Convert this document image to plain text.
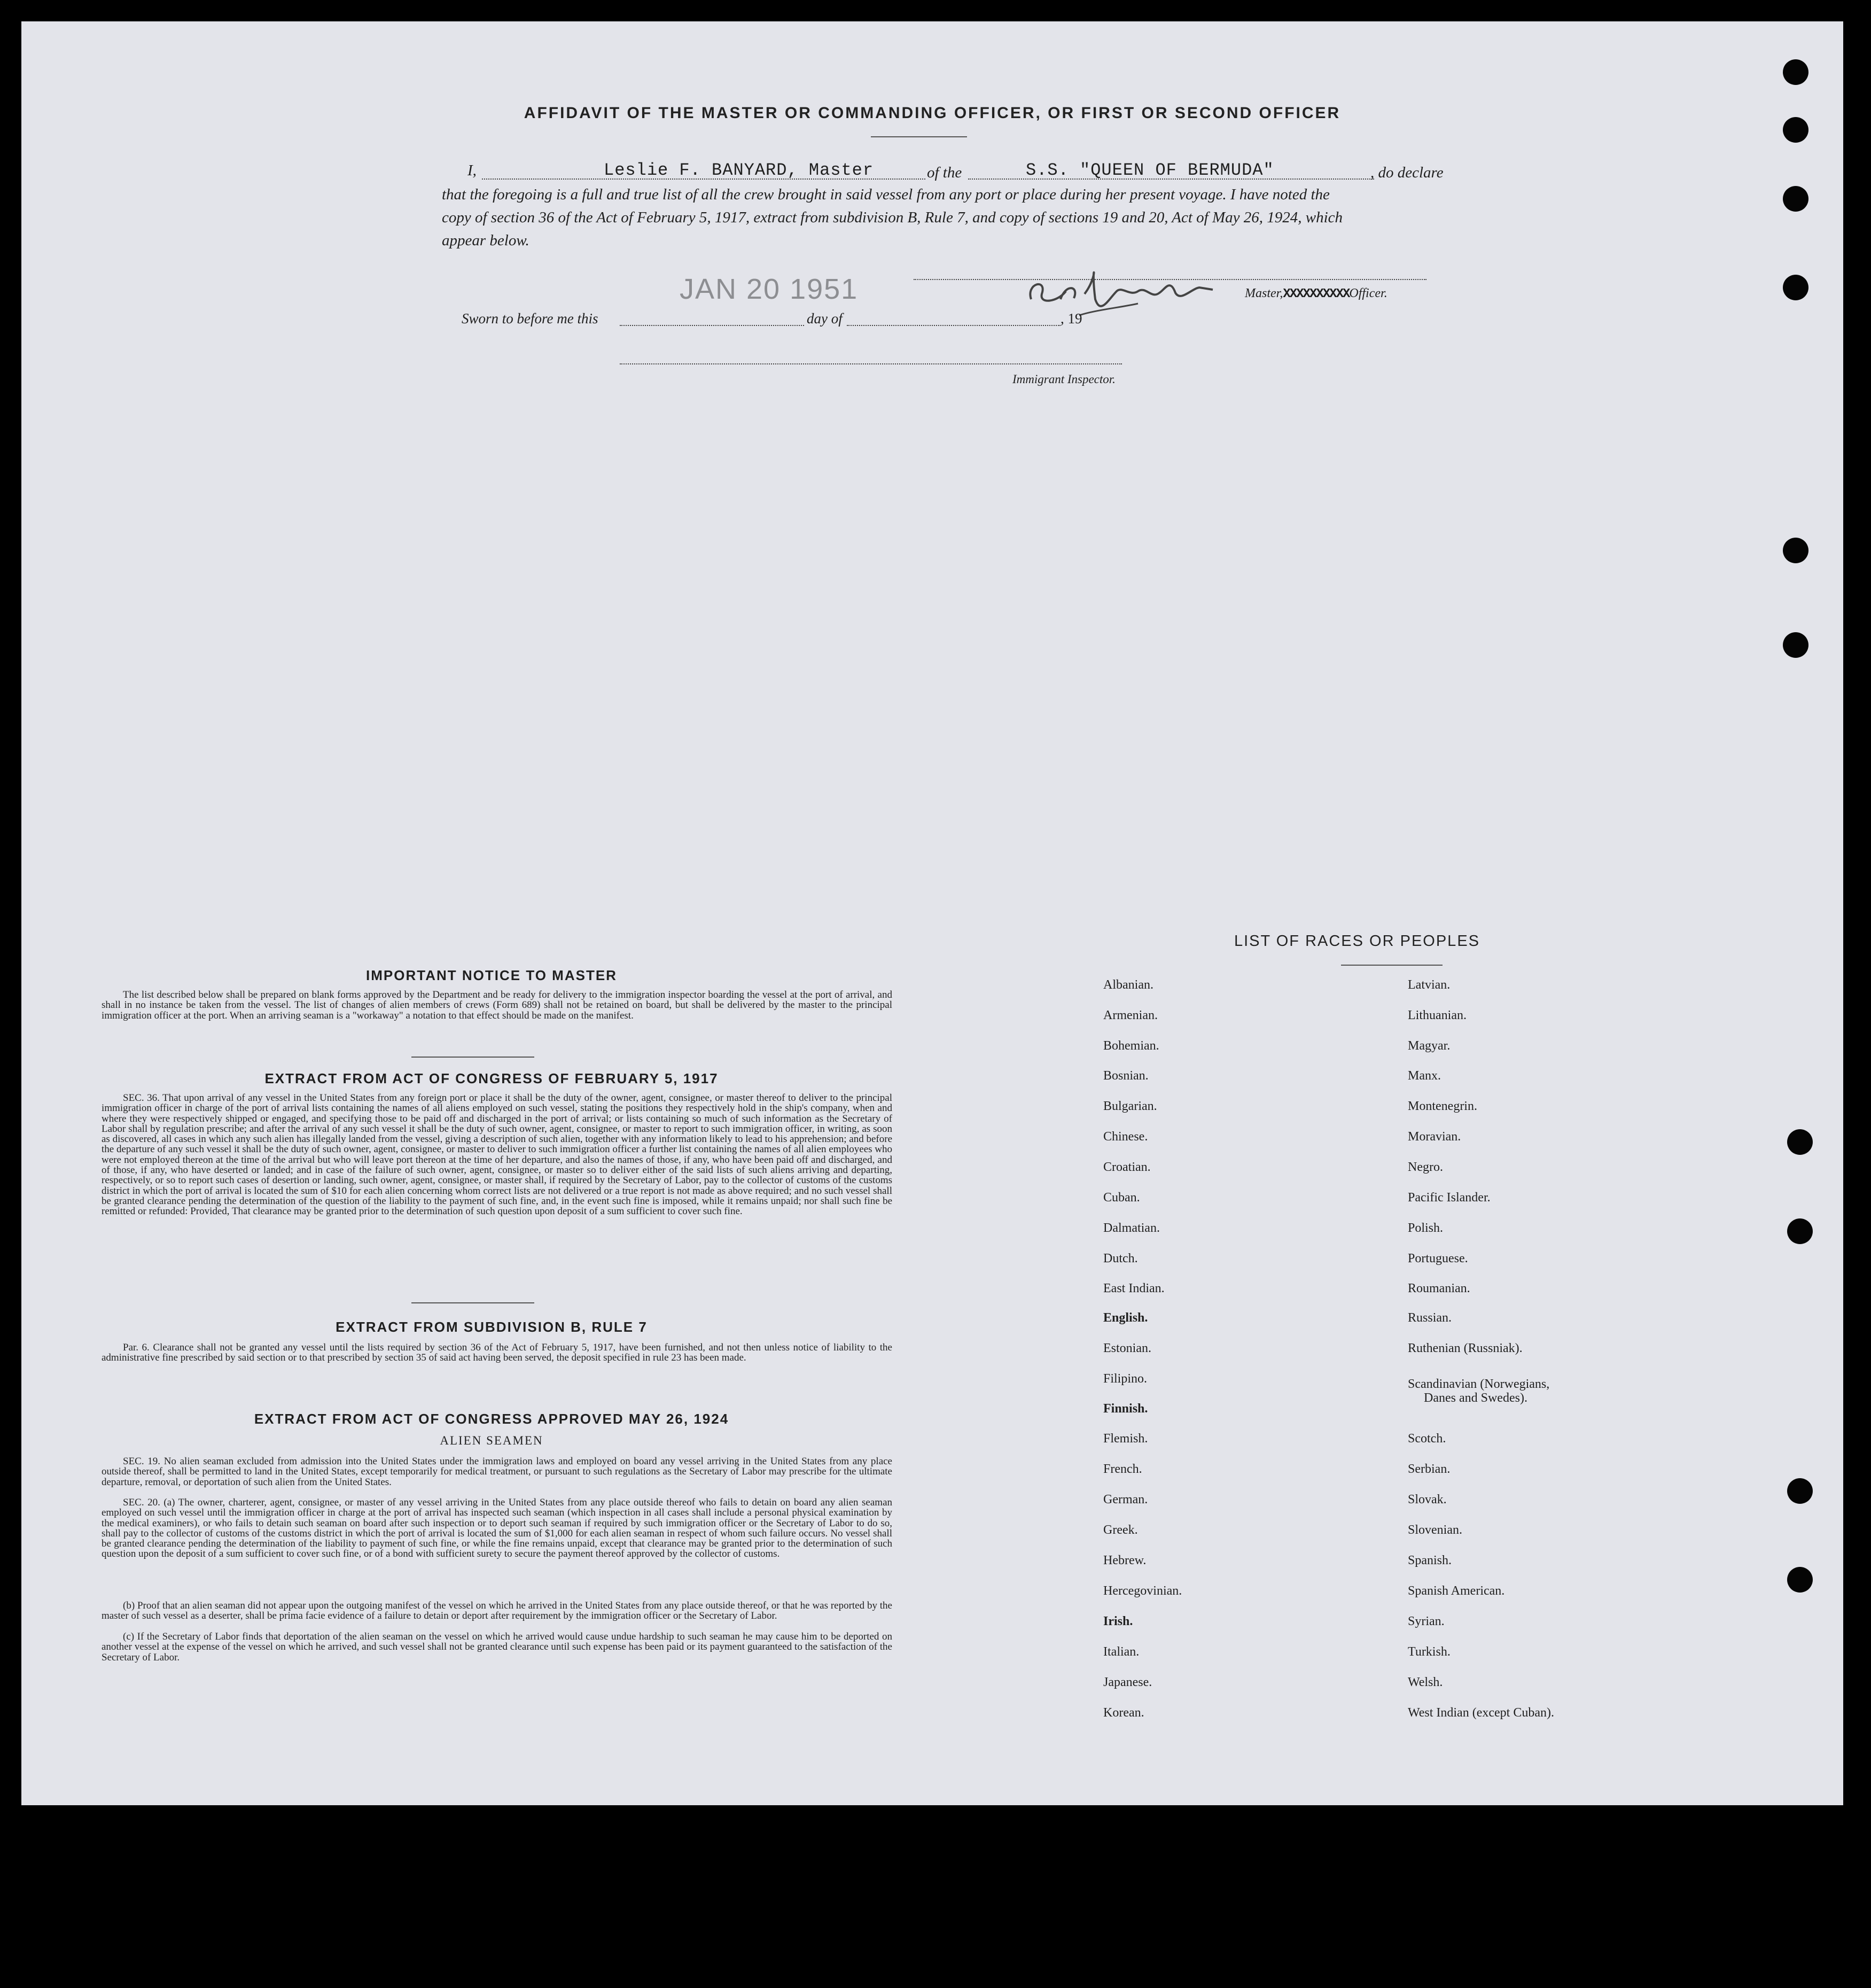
AFFIDAVIT OF THE MASTER OR COMMANDING OFFICER, OR FIRST OR SECOND OFFICER
I,	Leslie F. BANYARD, Master	of the	S.S. "QUEEN OF BERMUDA"	, do declare
that the foregoing is a full and true list of all the crew brought in said vessel from any port or place during her present voyage. I have noted the
copy of section 36 of the Act of February 5, 1917, extract from subdivision B, Rule 7, and copy of sections 19 and 20, Act of May 26, 1924, which
appear below.
JAN 20 1951	Master,XXXXXXXXXXOfficer.
Sworn to before me this	day of	, 19
Immigrant Inspector.
IMPORTANT NOTICE TO MASTER
The list described below shall be prepared on blank forms approved by the Department and be ready for delivery to the immigration inspector boarding the vessel at the port of arrival, and shall in no instance be taken from the vessel. The list of changes of alien members of crews (Form 689) shall not be retained on board, but shall be delivered by the master to the principal immigration officer at the port. When an arriving seaman is a "workaway" a notation to that effect should be made on the manifest.
EXTRACT FROM ACT OF CONGRESS OF FEBRUARY 5, 1917
SEC. 36. That upon arrival of any vessel in the United States from any foreign port or place it shall be the duty of the owner, agent, consignee, or master thereof to deliver to the principal immigration officer in charge of the port of arrival lists containing the names of all aliens employed on such vessel, stating the positions they respectively hold in the ship's company, when and where they were respectively shipped or engaged, and specifying those to be paid off and discharged in the port of arrival; or lists containing so much of such information as the Secretary of Labor shall by regulation prescribe; and after the arrival of any such vessel it shall be the duty of such owner, agent, consignee, or master to report to such immigration officer, in writing, as soon as discovered, all cases in which any such alien has illegally landed from the vessel, giving a description of such alien, together with any information likely to lead to his apprehension; and before the departure of any such vessel it shall be the duty of such owner, agent, consignee, or master to deliver to such immigration officer a further list containing the names of all alien employees who were not employed thereon at the time of the arrival but who will leave port thereon at the time of her departure, and also the names of those, if any, who have been paid off and discharged, and of those, if any, who have deserted or landed; and in case of the failure of such owner, agent, consignee, or master so to deliver either of the said lists of such aliens arriving and departing, respectively, or so to report such cases of desertion or landing, such owner, agent, consignee, or master shall, if required by the Secretary of Labor, pay to the collector of customs of the customs district in which the port of arrival is located the sum of $10 for each alien concerning whom correct lists are not delivered or a true report is not made as above required; and no such vessel shall be granted clearance pending the determination of the question of the liability to the payment of such fine, and, in the event such fine is imposed, while it remains unpaid; nor shall such fine be remitted or refunded: Provided, That clearance may be granted prior to the determination of such question upon deposit of a sum sufficient to cover such fine.
EXTRACT FROM SUBDIVISION B, RULE 7
Par. 6. Clearance shall not be granted any vessel until the lists required by section 36 of the Act of February 5, 1917, have been furnished, and not then unless notice of liability to the administrative fine prescribed by said section or to that prescribed by section 35 of said act having been served, the deposit specified in rule 23 has been made.
EXTRACT FROM ACT OF CONGRESS APPROVED MAY 26, 1924
ALIEN SEAMEN
SEC. 19. No alien seaman excluded from admission into the United States under the immigration laws and employed on board any vessel arriving in the United States from any place outside thereof, shall be permitted to land in the United States, except temporarily for medical treatment, or pursuant to such regulations as the Secretary of Labor may prescribe for the ultimate departure, removal, or deportation of such alien from the United States.
SEC. 20. (a) The owner, charterer, agent, consignee, or master of any vessel arriving in the United States from any place outside thereof who fails to detain on board any alien seaman employed on such vessel until the immigration officer in charge at the port of arrival has inspected such seaman (which inspection in all cases shall include a personal physical examination by the medical examiners), or who fails to detain such seaman on board after such inspection or to deport such seaman if required by such immigration officer or the Secretary of Labor to do so, shall pay to the collector of customs of the customs district in which the port of arrival is located the sum of $1,000 for each alien seaman in respect of whom such failure occurs. No vessel shall be granted clearance pending the determination of the liability to payment of such fine, or while the fine remains unpaid, except that clearance may be granted prior to the determination of such question upon the deposit of a sum sufficient to cover such fine, or of a bond with sufficient surety to secure the payment thereof approved by the collector of customs.
(b) Proof that an alien seaman did not appear upon the outgoing manifest of the vessel on which he arrived in the United States from any place outside thereof, or that he was reported by the master of such vessel as a deserter, shall be prima facie evidence of a failure to detain or deport after requirement by the immigration officer or the Secretary of Labor.
(c) If the Secretary of Labor finds that deportation of the alien seaman on the vessel on which he arrived would cause undue hardship to such seaman he may cause him to be deported on another vessel at the expense of the vessel on which he arrived, and such vessel shall not be granted clearance until such expense has been paid or its payment guaranteed to the satisfaction of the Secretary of Labor.
LIST OF RACES OR PEOPLES
Albanian.
Armenian.
Bohemian.
Bosnian.
Bulgarian.
Chinese.
Croatian.
Cuban.
Dalmatian.
Dutch.
East Indian.
English.
Estonian.
Filipino.
Finnish.
Flemish.
French.
German.
Greek.
Hebrew.
Hercegovinian.
Irish.
Italian.
Japanese.
Korean.
Latvian.
Lithuanian.
Magyar.
Manx.
Montenegrin.
Moravian.
Negro.
Pacific Islander.
Polish.
Portuguese.
Roumanian.
Russian.
Ruthenian (Russniak).
Scandinavian (Norwegians,
Danes and Swedes).
Scotch.
Serbian.
Slovak.
Slovenian.
Spanish.
Spanish American.
Syrian.
Turkish.
Welsh.
West Indian (except Cuban).
